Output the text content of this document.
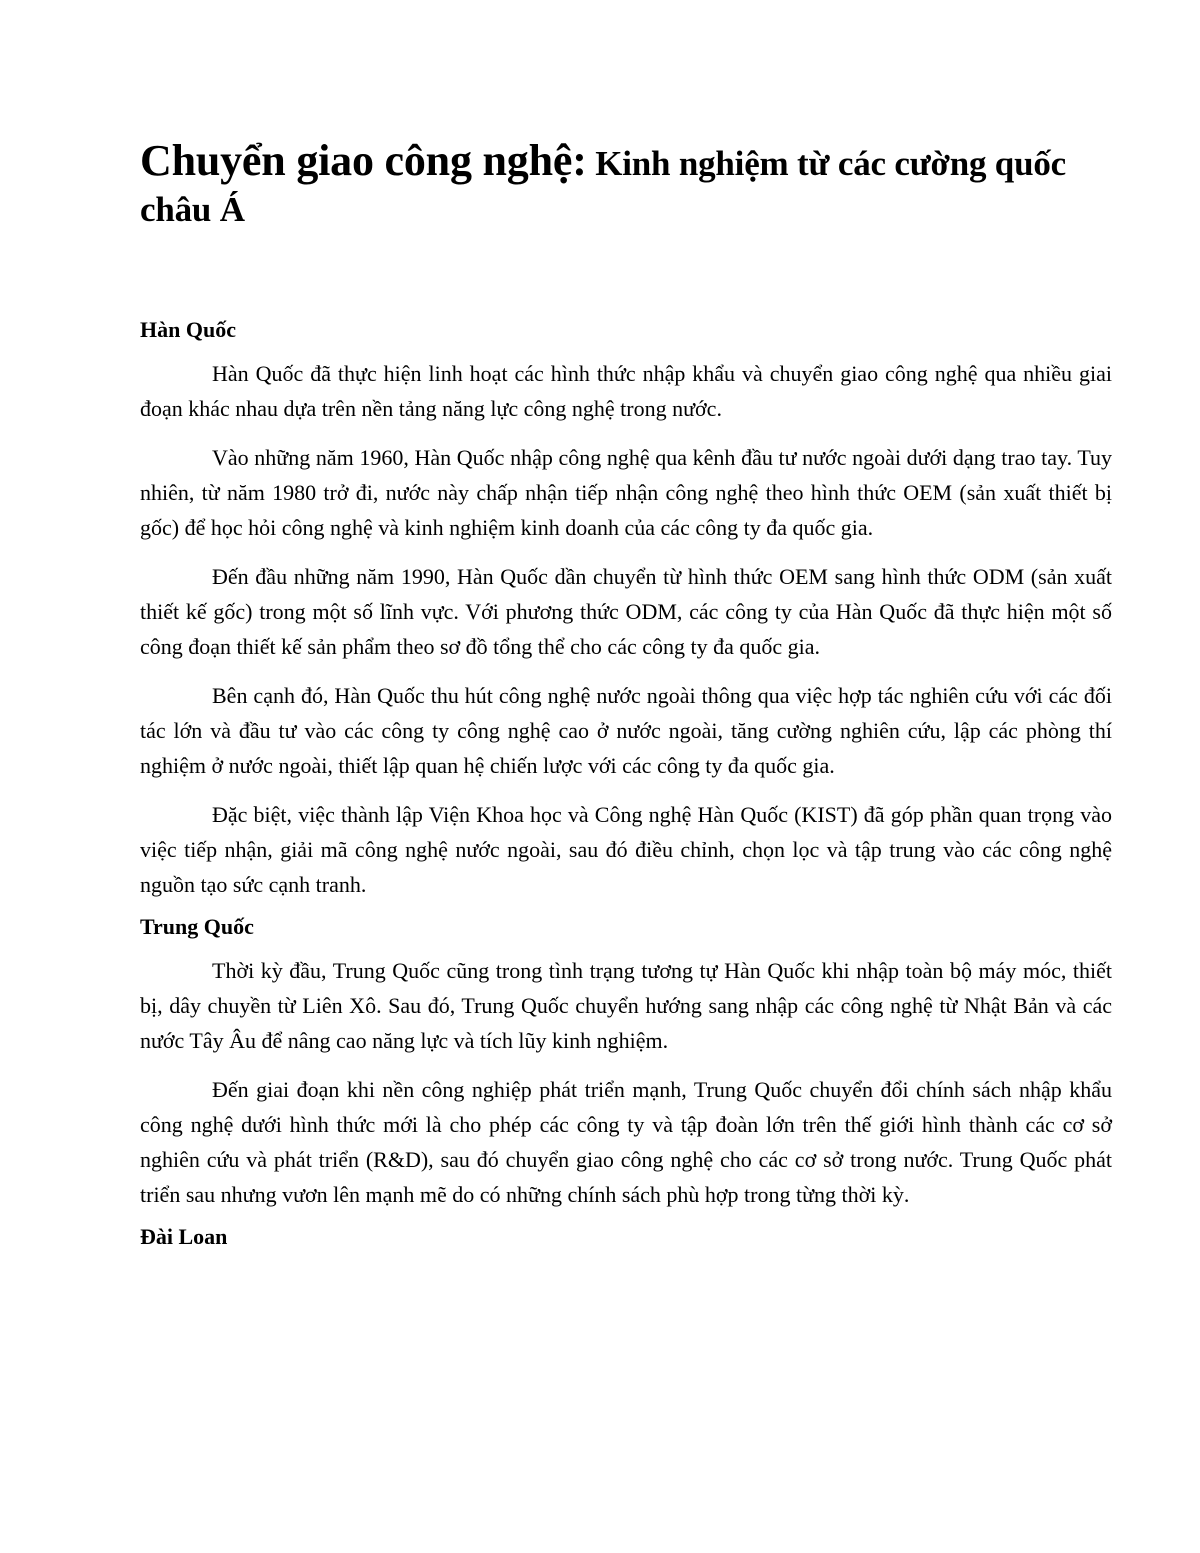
Chuyển giao công nghệ: Kinh nghiệm từ các cường quốc châu Á
Hàn Quốc

Hàn Quốc đã thực hiện linh hoạt các hình thức nhập khẩu và chuyển giao công nghệ qua nhiều giai đoạn khác nhau dựa trên nền tảng năng lực công nghệ trong nước.

Vào những năm 1960, Hàn Quốc nhập công nghệ qua kênh đầu tư nước ngoài dưới dạng trao tay. Tuy nhiên, từ năm 1980 trở đi, nước này chấp nhận tiếp nhận công nghệ theo hình thức OEM (sản xuất thiết bị gốc) để học hỏi công nghệ và kinh nghiệm kinh doanh của các công ty đa quốc gia.

Đến đầu những năm 1990, Hàn Quốc dần chuyển từ hình thức OEM sang hình thức ODM (sản xuất thiết kế gốc) trong một số lĩnh vực. Với phương thức ODM, các công ty của Hàn Quốc đã thực hiện một số công đoạn thiết kế sản phẩm theo sơ đồ tổng thể cho các công ty đa quốc gia.

Bên cạnh đó, Hàn Quốc thu hút công nghệ nước ngoài thông qua việc hợp tác nghiên cứu với các đối tác lớn và đầu tư vào các công ty công nghệ cao ở nước ngoài, tăng cường nghiên cứu, lập các phòng thí nghiệm ở nước ngoài, thiết lập quan hệ chiến lược với các công ty đa quốc gia.

Đặc biệt, việc thành lập Viện Khoa học và Công nghệ Hàn Quốc (KIST) đã góp phần quan trọng vào việc tiếp nhận, giải mã công nghệ nước ngoài, sau đó điều chỉnh, chọn lọc và tập trung vào các công nghệ nguồn tạo sức cạnh tranh.

Trung Quốc

Thời kỳ đầu, Trung Quốc cũng trong tình trạng tương tự Hàn Quốc khi nhập toàn bộ máy móc, thiết bị, dây chuyền từ Liên Xô. Sau đó, Trung Quốc chuyển hướng sang nhập các công nghệ từ Nhật Bản và các nước Tây Âu để nâng cao năng lực và tích lũy kinh nghiệm.

Đến giai đoạn khi nền công nghiệp phát triển mạnh, Trung Quốc chuyển đổi chính sách nhập khẩu công nghệ dưới hình thức mới là cho phép các công ty và tập đoàn lớn trên thế giới hình thành các cơ sở nghiên cứu và phát triển (R&D), sau đó chuyển giao công nghệ cho các cơ sở trong nước. Trung Quốc phát triển sau nhưng vươn lên mạnh mẽ do có những chính sách phù hợp trong từng thời kỳ.

Đài Loan
